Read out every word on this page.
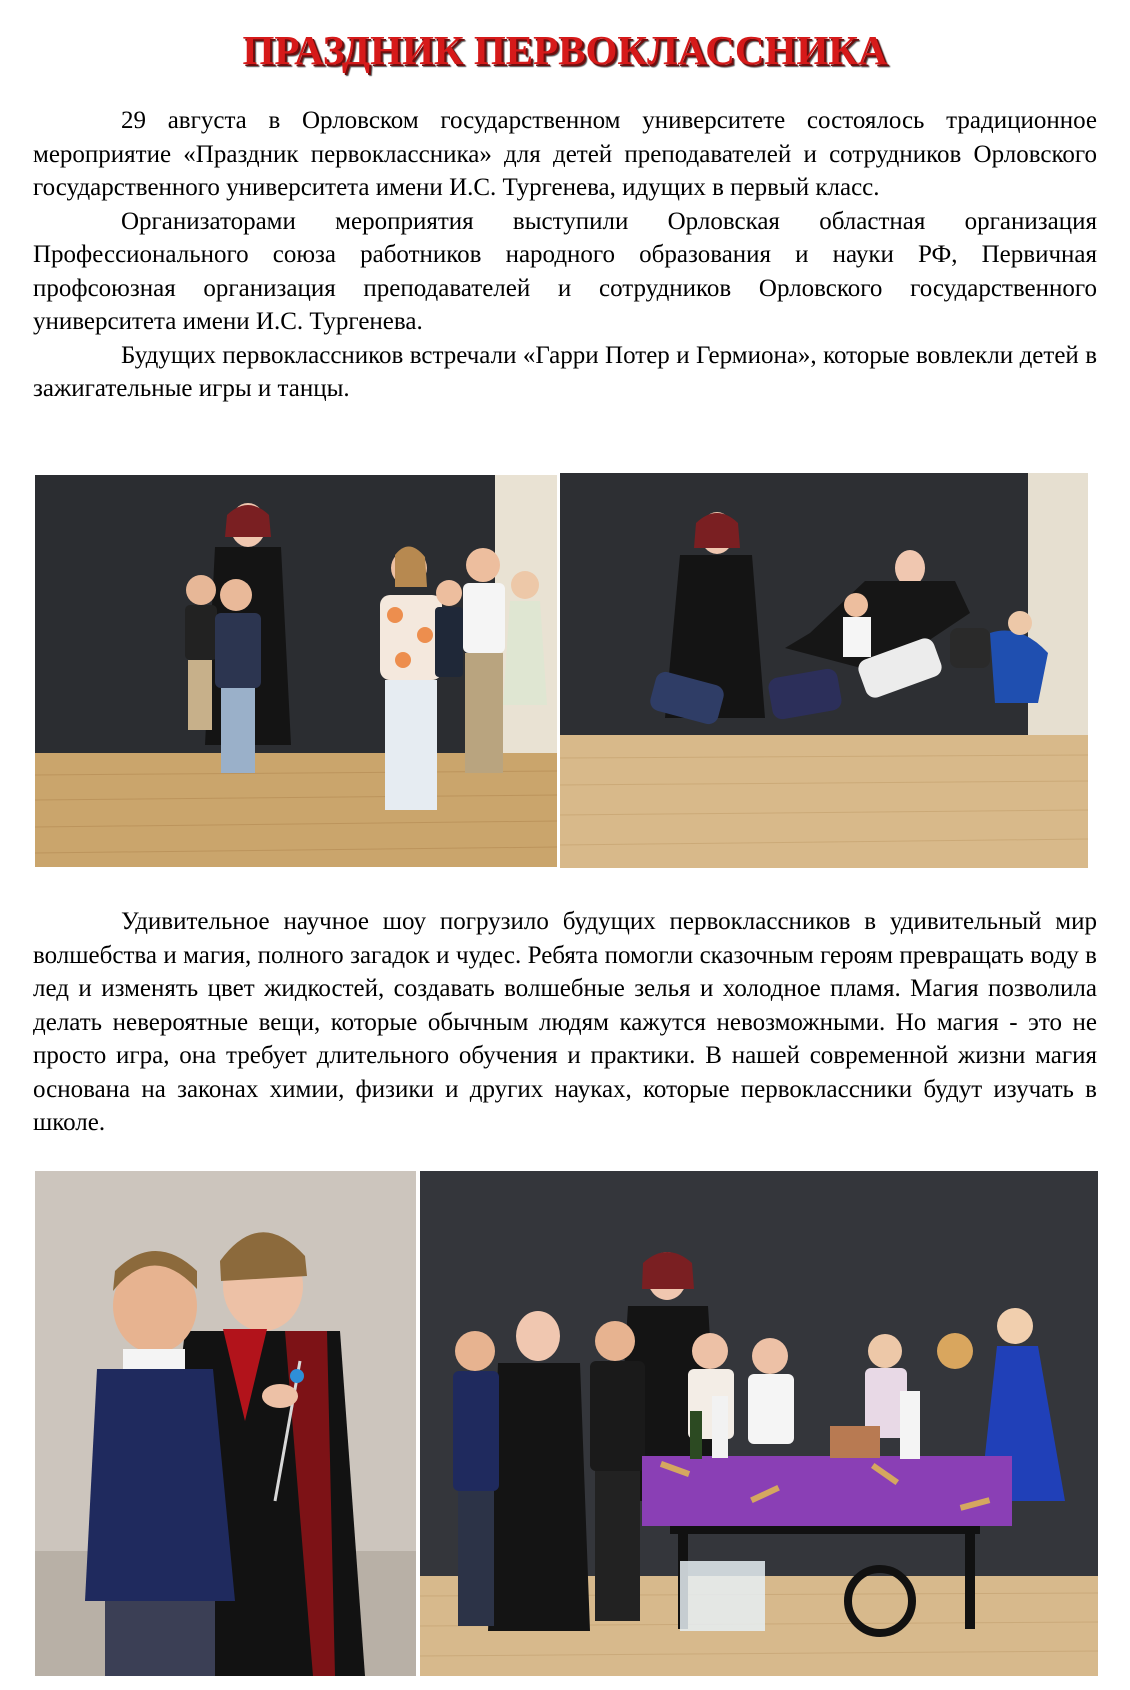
ПРАЗДНИК ПЕРВОКЛАССНИКА

29 августа в Орловском государственном университете состоялось традиционное мероприятие «Праздник первоклассника» для детей преподавателей и сотрудников Орловского государственного университета имени И.С. Тургенева, идущих в первый класс.

Организаторами мероприятия выступили Орловская областная организация Профессионального союза работников народного образования и науки РФ, Первичная профсоюзная организация преподавателей и сотрудников Орловского государственного университета имени И.С. Тургенева.

Будущих первоклассников встречали «Гарри Потер и Гермиона», которые вовлекли детей в зажигательные игры и танцы.

Удивительное научное шоу погрузило будущих первоклассников в удивительный мир волшебства и магия, полного загадок и чудес. Ребята помогли сказочным героям превращать воду в лед и изменять цвет жидкостей, создавать волшебные зелья и холодное пламя. Магия позволила делать невероятные вещи, которые обычным людям кажутся невозможными. Но магия - это не просто игра, она требует длительного обучения и практики. В нашей современной жизни магия основана на законах химии, физики и других науках, которые первоклассники будут изучать в школе.
